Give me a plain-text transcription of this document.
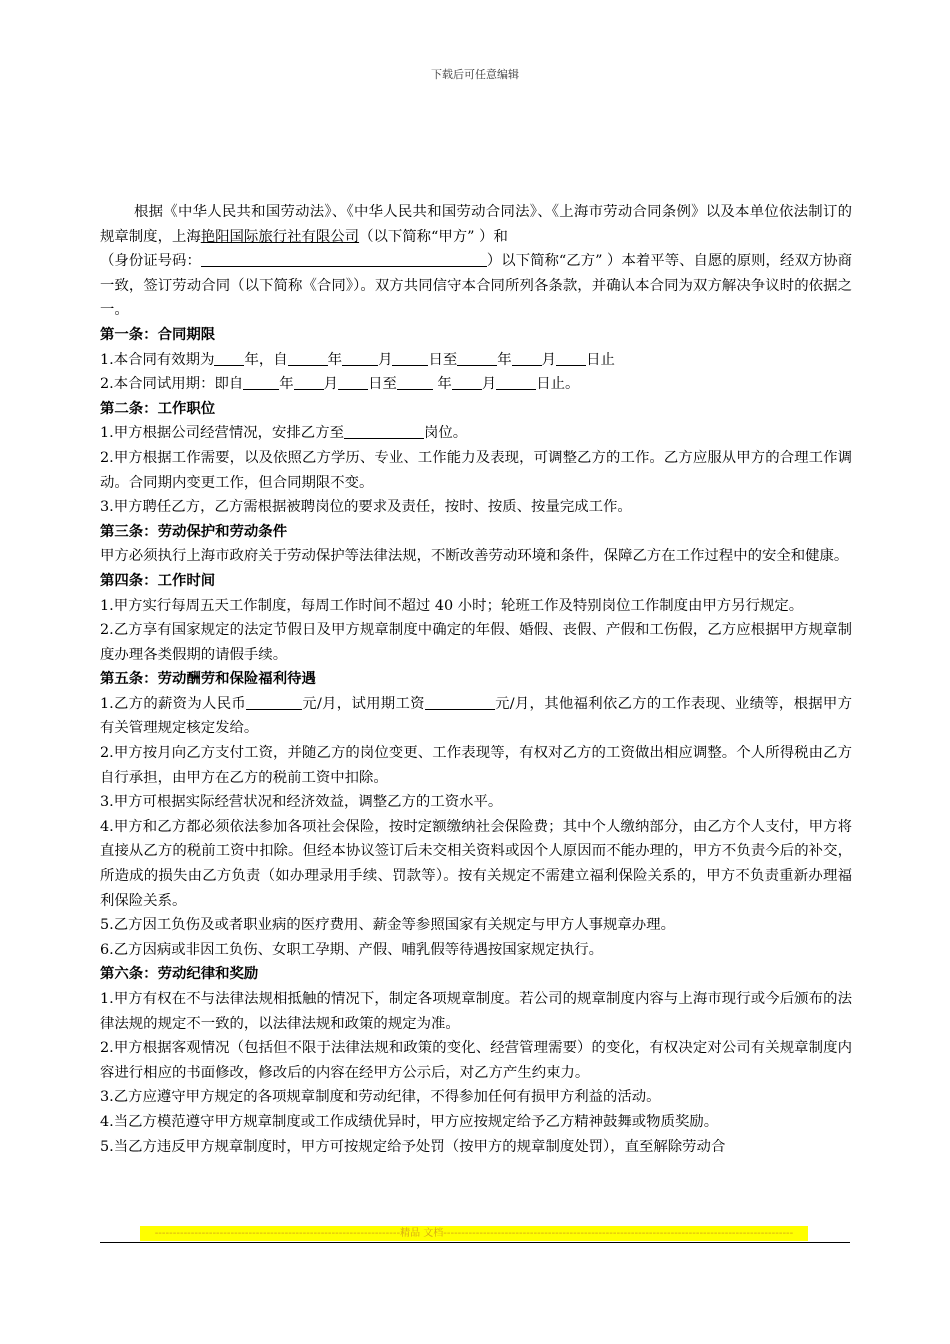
下载后可任意编辑

根据《中华人民共和国劳动法》、《中华人民共和国劳动合同法》、《上海市劳动合同条例》以及本单位依法制订的规章制度，上海艳阳国际旅行社有限公司（以下简称“甲方” ）和
（身份证号码：	）以下简称“乙方” ）本着平等、自愿的原则，经双方协商一致，签订劳动合同（以下简称《合同》）。双方共同信守本合同所列各条款，并确认本合同为双方解决争议时的依据之一。

第一条：合同期限

1.本合同有效期为 年，自	年	月	日至	年 月 日止

2.本合同试用期：即自	年 月 日至	年 月	日止。

第二条：工作职位

1.甲方根据公司经营情况，安排乙方至	岗位。

2.甲方根据工作需要，以及依照乙方学历、专业、工作能力及表现，可调整乙方的工作。乙方应服从甲方的合理工作调动。合同期内变更工作，但合同期限不变。

3.甲方聘任乙方，乙方需根据被聘岗位的要求及责任，按时、按质、按量完成工作。

第三条：劳动保护和劳动条件

甲方必须执行上海市政府关于劳动保护等法律法规，不断改善劳动环境和条件，保障乙方在工作过程中的安全和健康。

第四条：工作时间

1.甲方实行每周五天工作制度，每周工作时间不超过 40 小时；轮班工作及特别岗位工作制度由甲方另行规定。

2.乙方享有国家规定的法定节假日及甲方规章制度中确定的年假、婚假、丧假、产假和工伤假，乙方应根据甲方规章制度办理各类假期的请假手续。

第五条：劳动酬劳和保险福利待遇

1.乙方的薪资为人民币	元/月，试用期工资	元/月，其他福利依乙方的工作表现、业绩等，根据甲方有关管理规定核定发给。

2.甲方按月向乙方支付工资，并随乙方的岗位变更、工作表现等，有权对乙方的工资做出相应调整。个人所得税由乙方自行承担，由甲方在乙方的税前工资中扣除。

3.甲方可根据实际经营状况和经济效益，调整乙方的工资水平。

4.甲方和乙方都必须依法参加各项社会保险，按时定额缴纳社会保险费；其中个人缴纳部分，由乙方个人支付，甲方将直接从乙方的税前工资中扣除。但经本协议签订后未交相关资料或因个人原因而不能办理的，甲方不负责今后的补交，所造成的损失由乙方负责（如办理录用手续、罚款等）。按有关规定不需建立福利保险关系的，甲方不负责重新办理福利保险关系。

5.乙方因工负伤及或者职业病的医疗费用、薪金等参照国家有关规定与甲方人事规章办理。

6.乙方因病或非因工负伤、女职工孕期、产假、哺乳假等待遇按国家规定执行。

第六条：劳动纪律和奖励

1.甲方有权在不与法律法规相抵触的情况下，制定各项规章制度。若公司的规章制度内容与上海市现行或今后颁布的法律法规的规定不一致的，以法律法规和政策的规定为准。

2.甲方根据客观情况（包括但不限于法律法规和政策的变化、经营管理需要）的变化，有权决定对公司有关规章制度内容进行相应的书面修改，修改后的内容在经甲方公示后，对乙方产生约束力。

3.乙方应遵守甲方规定的各项规章制度和劳动纪律，不得参加任何有损甲方利益的活动。

4.当乙方模范遵守甲方规章制度或工作成绩优异时，甲方应按规定给予乙方精神鼓舞或物质奖励。

5.当乙方违反甲方规章制度时，甲方可按规定给予处罚（按甲方的规章制度处罚），直至解除劳动合

--------------------------------------------------------------------精品 文档-------------------------------------------------------------------------------------------------
